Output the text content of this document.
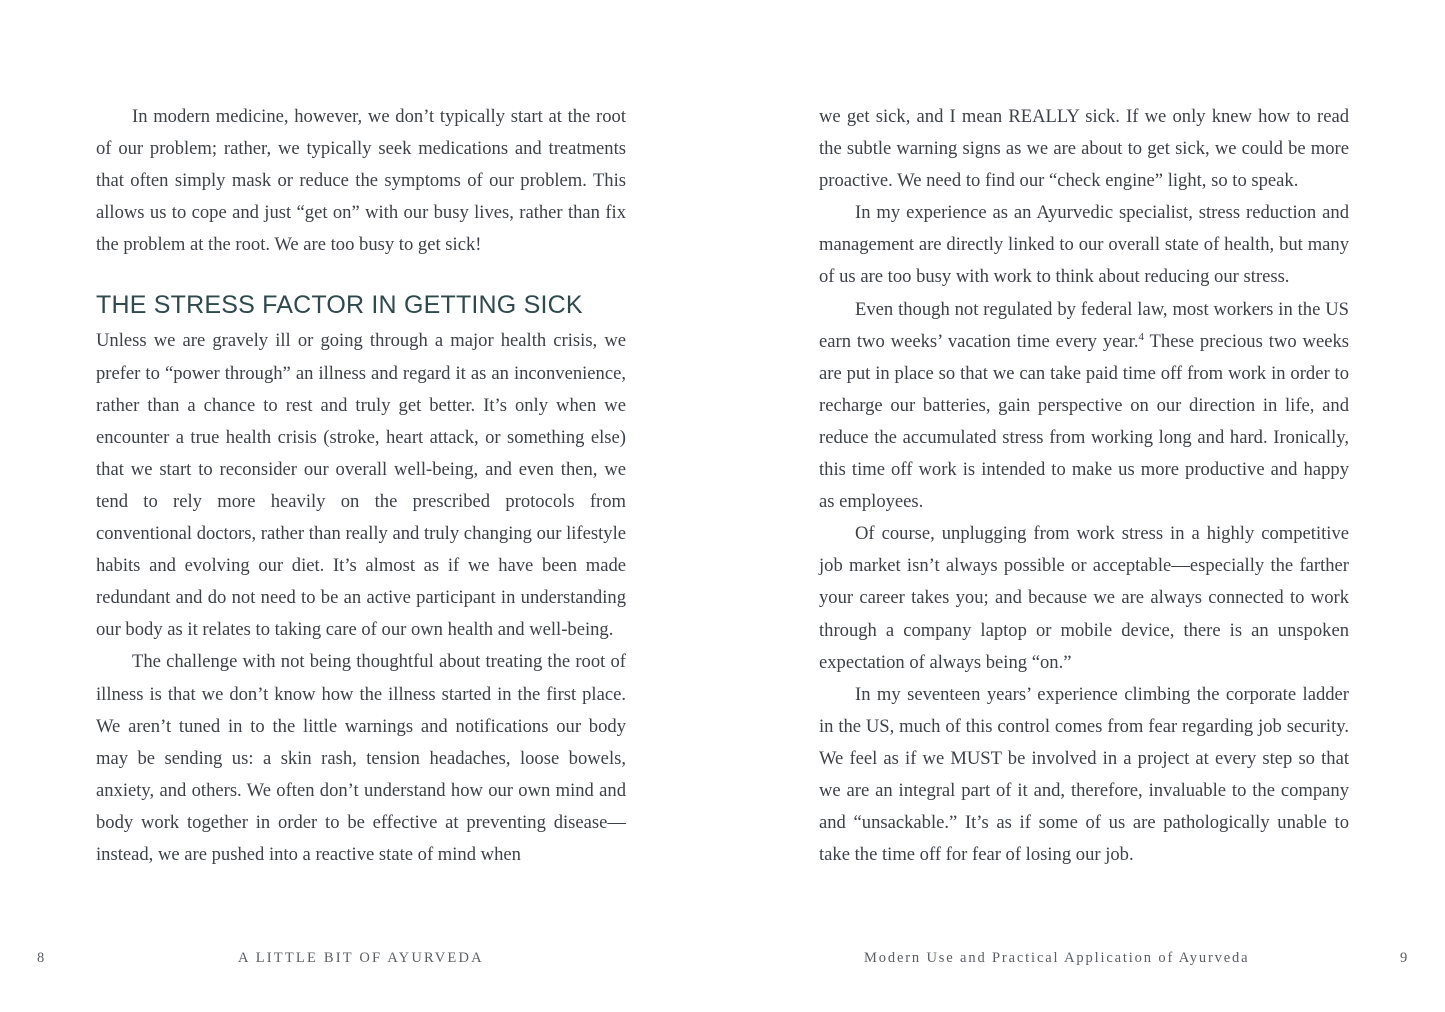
In modern medicine, however, we don’t typically start at the root of our problem; rather, we typically seek medications and treatments that often simply mask or reduce the symptoms of our problem. This allows us to cope and just “get on” with our busy lives, rather than fix the problem at the root. We are too busy to get sick!

THE STRESS FACTOR IN GETTING SICK

Unless we are gravely ill or going through a major health crisis, we prefer to “power through” an illness and regard it as an inconvenience, rather than a chance to rest and truly get better. It’s only when we encounter a true health crisis (stroke, heart attack, or something else) that we start to reconsider our overall well-being, and even then, we tend to rely more heavily on the prescribed protocols from conventional doctors, rather than really and truly changing our lifestyle habits and evolving our diet. It’s almost as if we have been made redundant and do not need to be an active participant in understanding our body as it relates to taking care of our own health and well-being.

The challenge with not being thoughtful about treating the root of illness is that we don’t know how the illness started in the first place. We aren’t tuned in to the little warnings and notifications our body may be sending us: a skin rash, tension headaches, loose bowels, anxiety, and others. We often don’t understand how our own mind and body work together in order to be effective at preventing disease—instead, we are pushed into a reactive state of mind when

8	A LITTLE BIT OF AYURVEDA

we get sick, and I mean REALLY sick. If we only knew how to read the subtle warning signs as we are about to get sick, we could be more proactive. We need to find our “check engine” light, so to speak.

In my experience as an Ayurvedic specialist, stress reduction and management are directly linked to our overall state of health, but many of us are too busy with work to think about reducing our stress.

Even though not regulated by federal law, most workers in the US earn two weeks’ vacation time every year.$^4$ These precious two weeks are put in place so that we can take paid time off from work in order to recharge our batteries, gain perspective on our direction in life, and reduce the accumulated stress from working long and hard. Ironically, this time off work is intended to make us more productive and happy as employees.

Of course, unplugging from work stress in a highly competitive job market isn’t always possible or acceptable—especially the farther your career takes you; and because we are always connected to work through a company laptop or mobile device, there is an unspoken expectation of always being “on.”

In my seventeen years’ experience climbing the corporate ladder in the US, much of this control comes from fear regarding job security. We feel as if we MUST be involved in a project at every step so that we are an integral part of it and, therefore, invaluable to the company and “unsackable.” It’s as if some of us are pathologically unable to take the time off for fear of losing our job.

Modern Use and Practical Application of Ayurveda	9
